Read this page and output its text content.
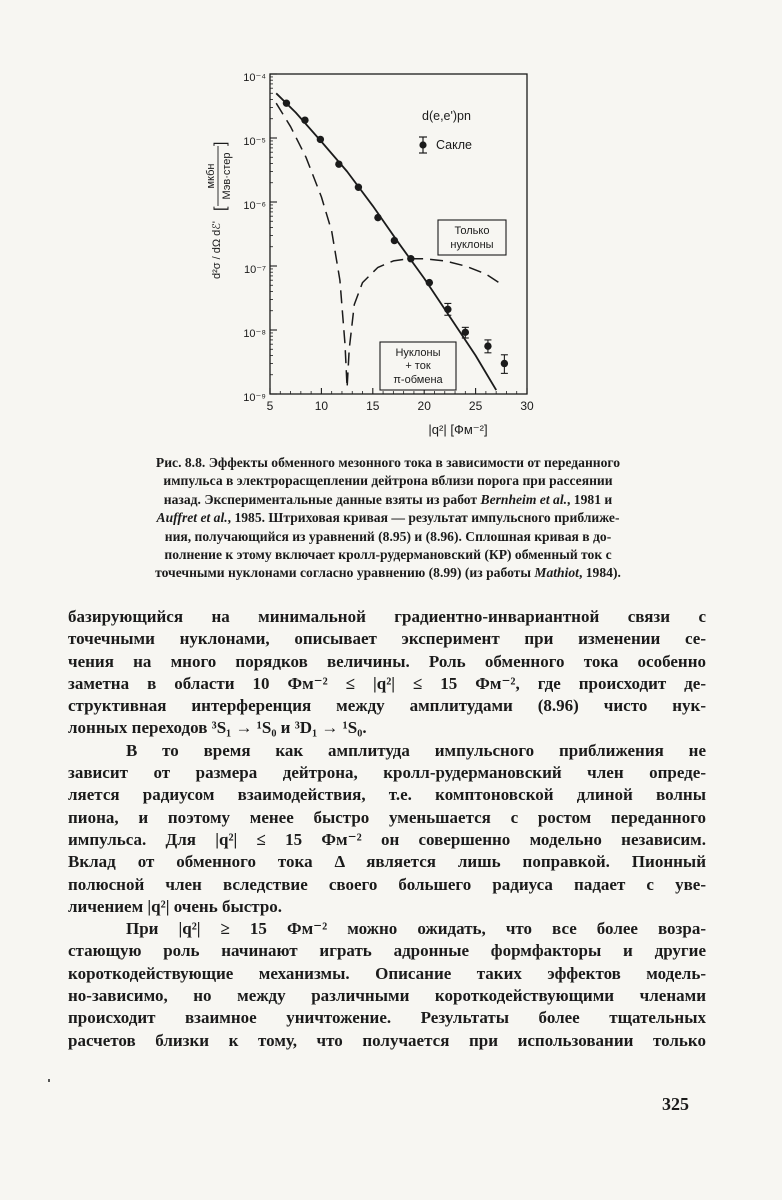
10⁻⁹
10⁻⁸
10⁻⁷
10⁻⁶
10⁻⁵
10⁻⁴
5	10	15	20	25	30
d²σ / dΩ dℰ'
мкбн Мэв·стер
[
]
|q²| [Фм⁻²]
d(e,e')pn
Сакле
Только
нуклоны
Нуклоны
+ ток
π-обмена
Рис. 8.8. Эффекты обменного мезонного тока в зависимости от переданного
импульса в электрорасщеплении дейтрона вблизи порога при рассеянии
назад. Экспериментальные данные взяты из работ Bernheim et al., 1981 и
Auffret et al., 1985. Штриховая кривая — результат импульсного приближе-
ния, получающийся из уравнений (8.95) и (8.96). Сплошная кривая в до-
полнение к этому включает кролл-рудермановский (КР) обменный ток с
точечными нуклонами согласно уравнению (8.99) (из работы Mathiot, 1984).
базирующийся на минимальной градиентно-инвариантной связи с
точечными нуклонами, описывает эксперимент при изменении се-
чения на много порядков величины. Роль обменного тока особенно
заметна в области 10 Фм⁻² ≤ |q²| ≤ 15 Фм⁻², где происходит де-
структивная интерференция между амплитудами (8.96) чисто нук-
лонных переходов ³S₁ → ¹S₀ и ³D₁ → ¹S₀.
В то время как амплитуда импульсного приближения не
зависит от размера дейтрона, кролл-рудермановский член опреде-
ляется радиусом взаимодействия, т.е. комптоновской длиной волны
пиона, и поэтому менее быстро уменьшается с ростом переданного
импульса. Для |q²| ≤ 15 Фм⁻² он совершенно модельно независим.
Вклад от обменного тока Δ является лишь поправкой. Пионный
полюсной член вследствие своего большего радиуса падает с уве-
личением |q²| очень быстро.
При |q²| ≥ 15 Фм⁻² можно ожидать, что все более возра-
стающую роль начинают играть адронные формфакторы и другие
короткодействующие механизмы. Описание таких эффектов модель-
но-зависимо, но между различными короткодействующими членами
происходит взаимное уничтожение. Результаты более тщательных
расчетов близки к тому, что получается при использовании только
325
